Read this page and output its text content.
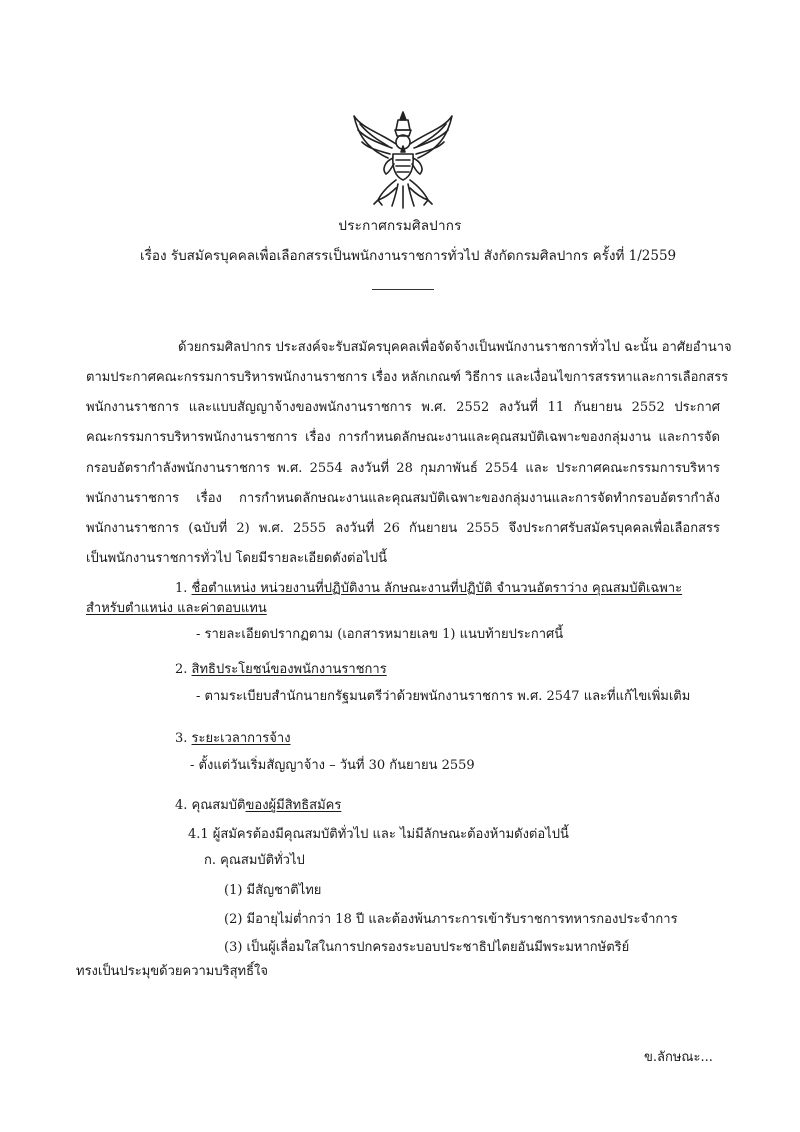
ประกาศกรมศิลปากร
เรื่อง รับสมัครบุคคลเพื่อเลือกสรรเป็นพนักงานราชการทั่วไป สังกัดกรมศิลปากร ครั้งที่ 1/2559
ด้วยกรมศิลปากร ประสงค์จะรับสมัครบุคคลเพื่อจัดจ้างเป็นพนักงานราชการทั่วไป ฉะนั้น อาศัยอำนาจ
ตามประกาศคณะกรรมการบริหารพนักงานราชการ เรื่อง หลักเกณฑ์ วิธีการ และเงื่อนไขการสรรหาและการเลือกสรร
พนักงานราชการ และแบบสัญญาจ้างของพนักงานราชการ พ.ศ. 2552 ลงวันที่ 11 กันยายน 2552 ประกาศ
คณะกรรมการบริหารพนักงานราชการ เรื่อง การกำหนดลักษณะงานและคุณสมบัติเฉพาะของกลุ่มงาน และการจัด
กรอบอัตรากำลังพนักงานราชการ พ.ศ. 2554 ลงวันที่ 28 กุมภาพันธ์ 2554 และ ประกาศคณะกรรมการบริหาร
พนักงานราชการ เรื่อง การกำหนดลักษณะงานและคุณสมบัติเฉพาะของกลุ่มงานและการจัดทำกรอบอัตรากำลัง
พนักงานราชการ (ฉบับที่ 2) พ.ศ. 2555 ลงวันที่ 26 กันยายน 2555 จึงประกาศรับสมัครบุคคลเพื่อเลือกสรร
เป็นพนักงานราชการทั่วไป โดยมีรายละเอียดดังต่อไปนี้
1. ชื่อตำแหน่ง หน่วยงานที่ปฏิบัติงาน ลักษณะงานที่ปฏิบัติ จำนวนอัตราว่าง คุณสมบัติเฉพาะ
สำหรับตำแหน่ง และค่าตอบแทน
- รายละเอียดปรากฏตาม (เอกสารหมายเลข 1) แนบท้ายประกาศนี้
2. สิทธิประโยชน์ของพนักงานราชการ
- ตามระเบียบสำนักนายกรัฐมนตรีว่าด้วยพนักงานราชการ พ.ศ. 2547 และที่แก้ไขเพิ่มเติม
3. ระยะเวลาการจ้าง
- ตั้งแต่วันเริ่มสัญญาจ้าง – วันที่ 30 กันยายน 2559
4. คุณสมบัติของผู้มีสิทธิสมัคร
4.1 ผู้สมัครต้องมีคุณสมบัติทั่วไป และ ไม่มีลักษณะต้องห้ามดังต่อไปนี้
ก. คุณสมบัติทั่วไป
(1) มีสัญชาติไทย
(2) มีอายุไม่ต่ำกว่า 18 ปี และต้องพ้นภาระการเข้ารับราชการทหารกองประจำการ
(3) เป็นผู้เลื่อมใสในการปกครองระบอบประชาธิปไตยอันมีพระมหากษัตริย์
ทรงเป็นประมุขด้วยความบริสุทธิ์ใจ
ข.ลักษณะ...
